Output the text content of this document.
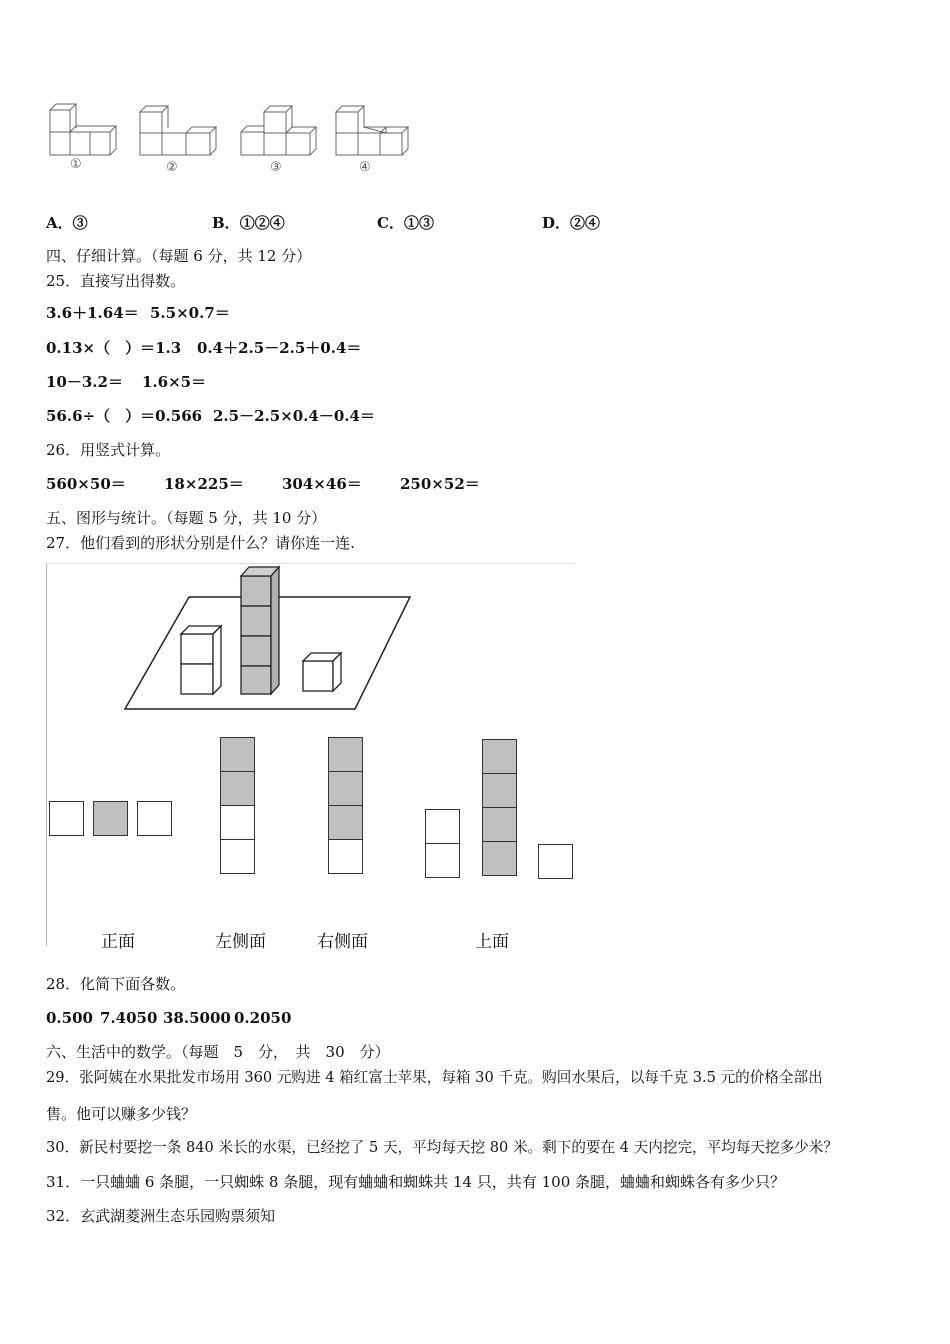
①	②	③	④
A．③	B．①②④	C．①③	D．②④
四、仔细计算。（每题 6 分，共 12 分）
25．直接写出得数。
3.6＋1.64＝ 5.5×0.7＝
0.13×（　）＝1.3 0.4＋2.5－2.5＋0.4＝
10－3.2＝ 1.6×5＝
56.6÷（　）＝0.566 2.5－2.5×0.4－0.4＝
26．用竖式计算。
560×50＝	18×225＝	304×46＝	250×52＝
五、图形与统计。（每题 5 分，共 10 分）
27．他们看到的形状分别是什么？请你连一连.
正面	左侧面	右侧面	上面
28．化简下面各数。
0.500 7.4050 38.5000 0.2050
六、生活中的数学。（每题　5　分，　共　30　分）
29．张阿姨在水果批发市场用 360 元购进 4 箱红富士苹果，每箱 30 千克。购回水果后，以每千克 3.5 元的价格全部出
售。他可以赚多少钱？
30．新民村要挖一条 840 米长的水渠，已经挖了 5 天，平均每天挖 80 米。剩下的要在 4 天内挖完，平均每天挖多少米？
31．一只蛐蛐 6 条腿，一只蜘蛛 8 条腿，现有蛐蛐和蜘蛛共 14 只，共有 100 条腿，蛐蛐和蜘蛛各有多少只？
32．玄武湖菱洲生态乐园购票须知
